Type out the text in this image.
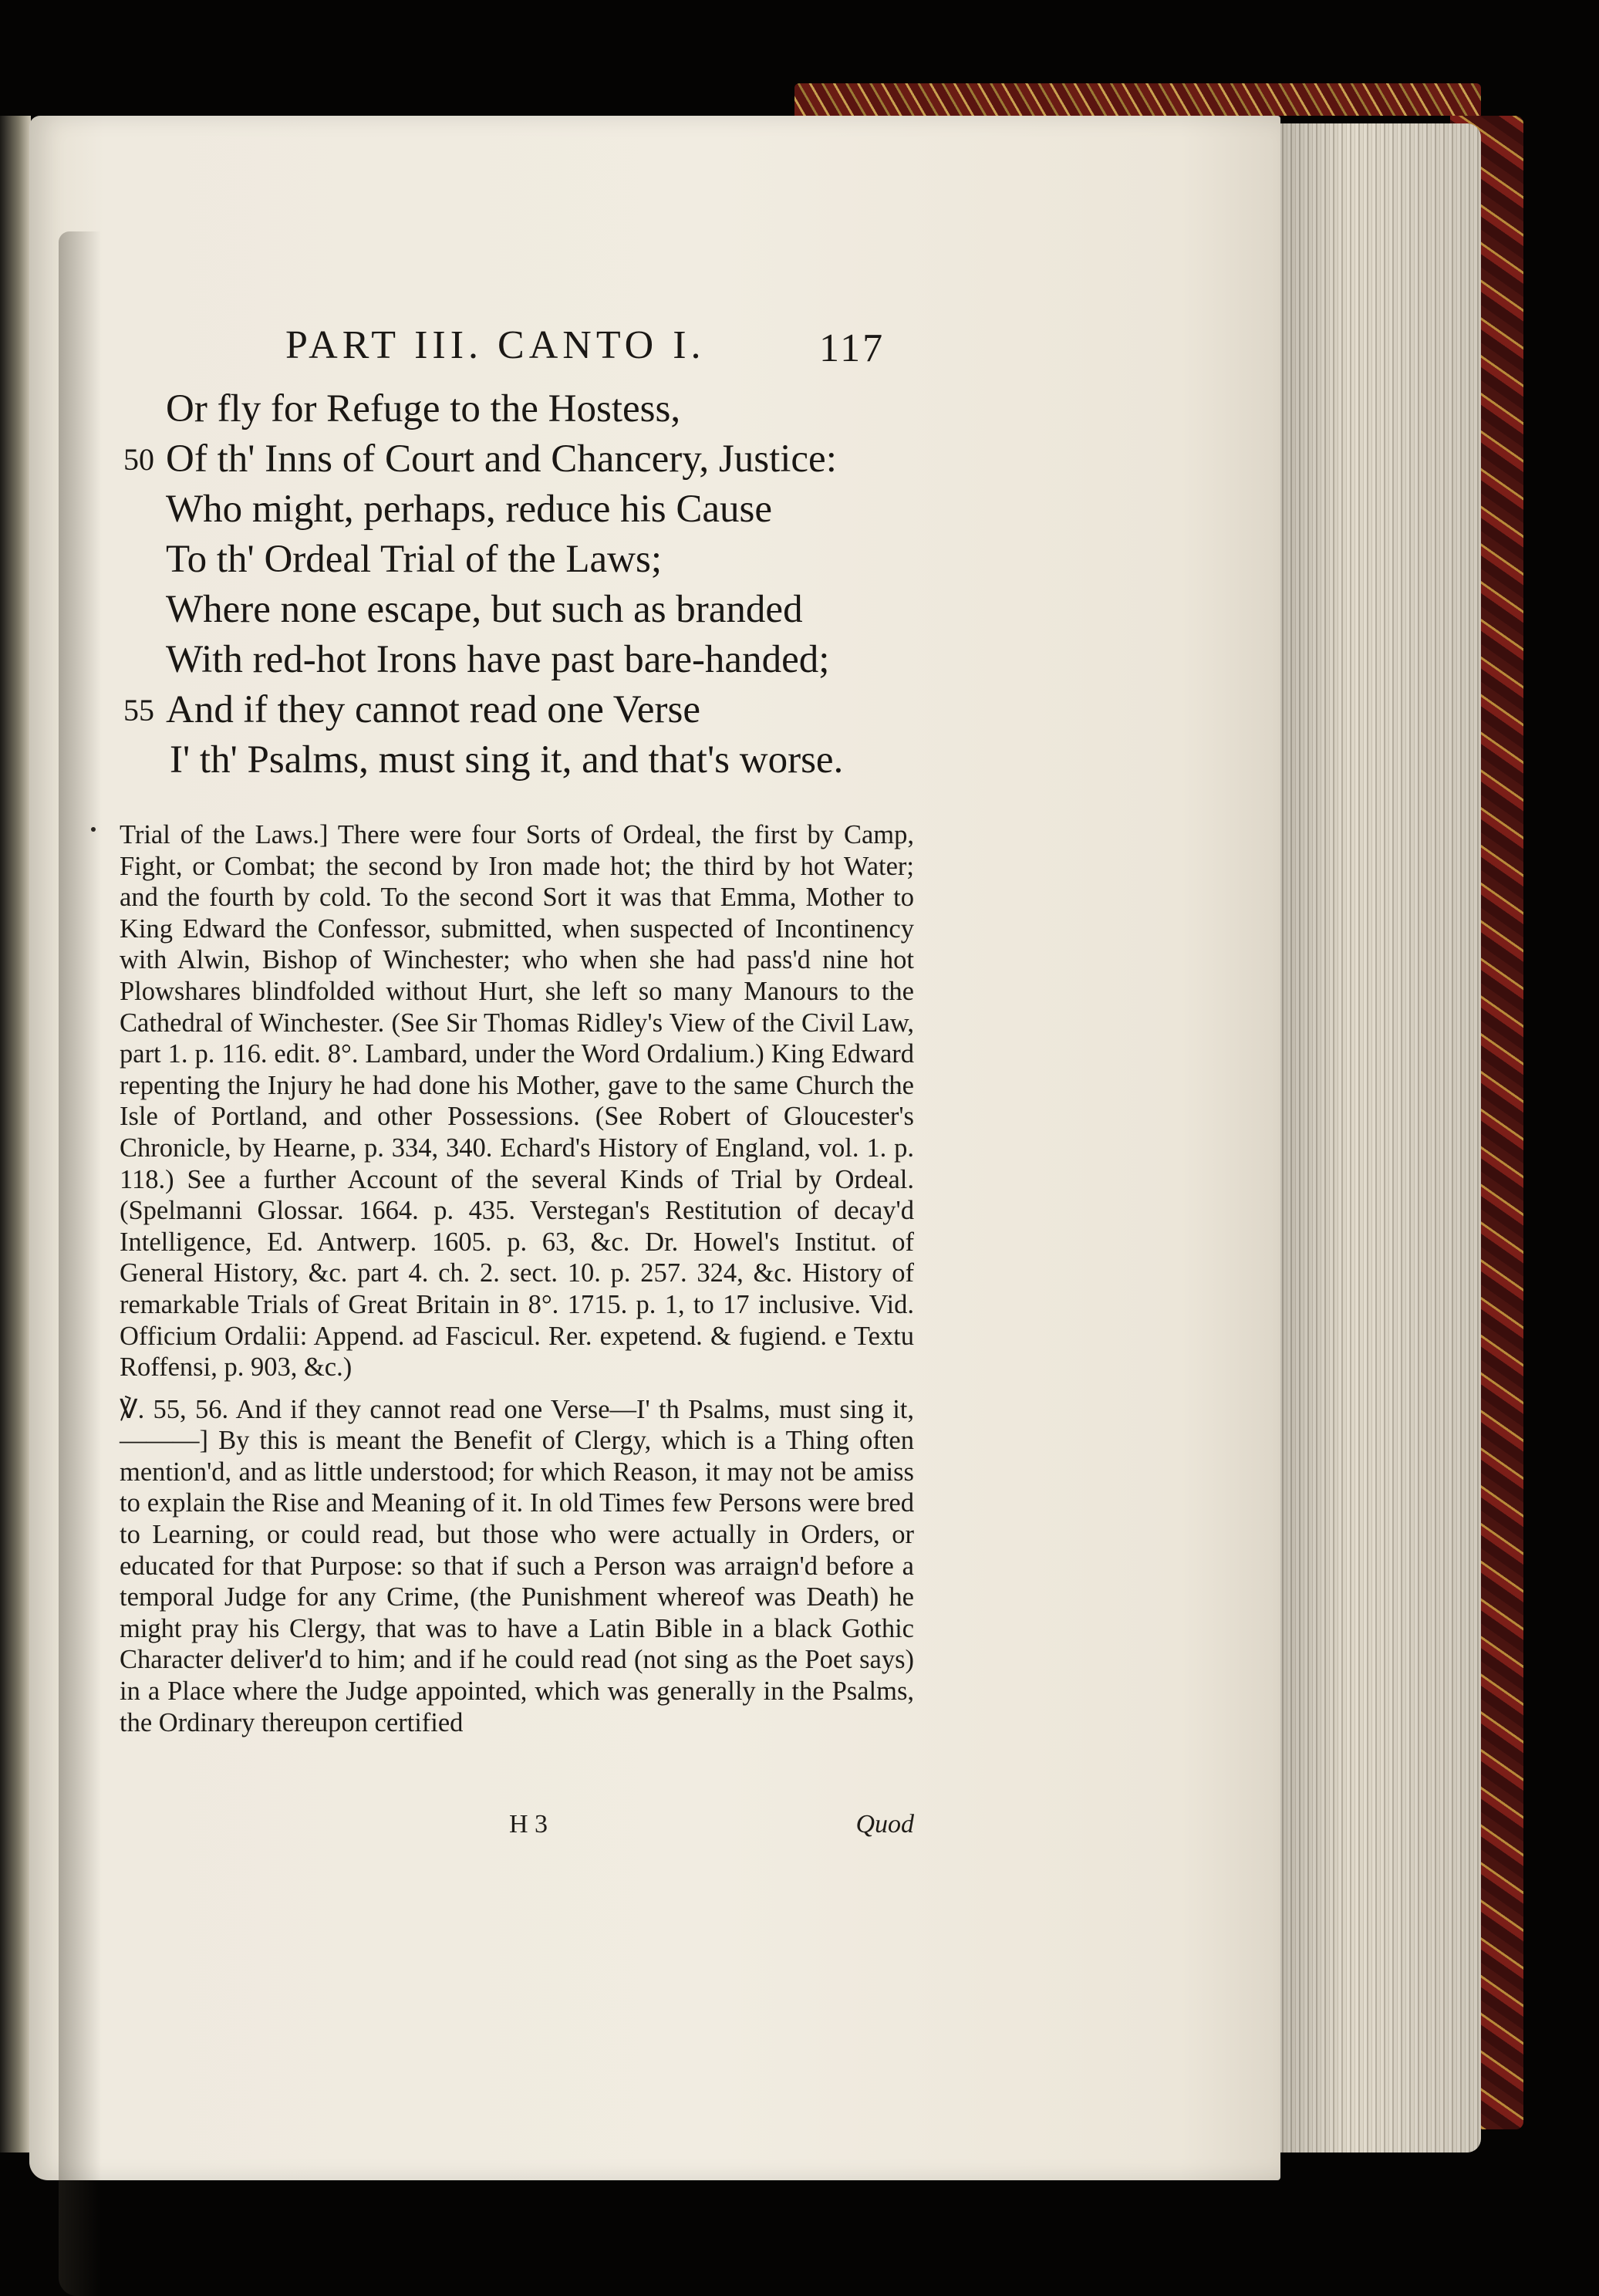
PART III. CANTO I.	117
Or fly for Refuge to the Hostess,
50 Of th' Inns of Court and Chancery, Justice:
Who might, perhaps, reduce his Cause
To th' Ordeal Trial of the Laws;
Where none escape, but such as branded
With red-hot Irons have past bare-handed;
55 And if they cannot read one Verse
I' th' Psalms, must sing it, and that's worse.

Trial of the Laws.] There were four Sorts of Ordeal, the first by Camp, Fight, or Combat; the second by Iron made hot; the third by hot Water; and the fourth by cold. To the second Sort it was that Emma, Mother to King Edward the Confessor, submitted, when suspected of Incontinency with Alwin, Bishop of Winchester; who when she had pass'd nine hot Plowshares blindfolded without Hurt, she left so many Manours to the Cathedral of Winchester. (See Sir Thomas Ridley's View of the Civil Law, part 1. p. 116. edit. 8°. Lambard, under the Word Ordalium.) King Edward repenting the Injury he had done his Mother, gave to the same Church the Isle of Portland, and other Possessions. (See Robert of Gloucester's Chronicle, by Hearne, p. 334, 340. Echard's History of England, vol. 1. p. 118.) See a further Account of the several Kinds of Trial by Ordeal. (Spelmanni Glossar. 1664. p. 435. Verstegan's Restitution of decay'd Intelligence, Ed. Antwerp. 1605. p. 63, &c. Dr. Howel's Institut. of General History, &c. part 4. ch. 2. sect. 10. p. 257. 324, &c. History of remarkable Trials of Great Britain in 8°. 1715. p. 1, to 17 inclusive. Vid. Officium Ordalii: Append. ad Fascicul. Rer. expetend. & fugiend. e Textu Roffensi, p. 903, &c.)

℣. 55, 56. And if they cannot read one Verse—I' th Psalms, must sing it,———] By this is meant the Benefit of Clergy, which is a Thing often mention'd, and as little understood; for which Reason, it may not be amiss to explain the Rise and Meaning of it. In old Times few Persons were bred to Learning, or could read, but those who were actually in Orders, or educated for that Purpose: so that if such a Person was arraign'd before a temporal Judge for any Crime, (the Punishment whereof was Death) he might pray his Clergy, that was to have a Latin Bible in a black Gothic Character deliver'd to him; and if he could read (not sing as the Poet says) in a Place where the Judge appointed, which was generally in the Psalms, the Ordinary thereupon certified

H 3	Quod
